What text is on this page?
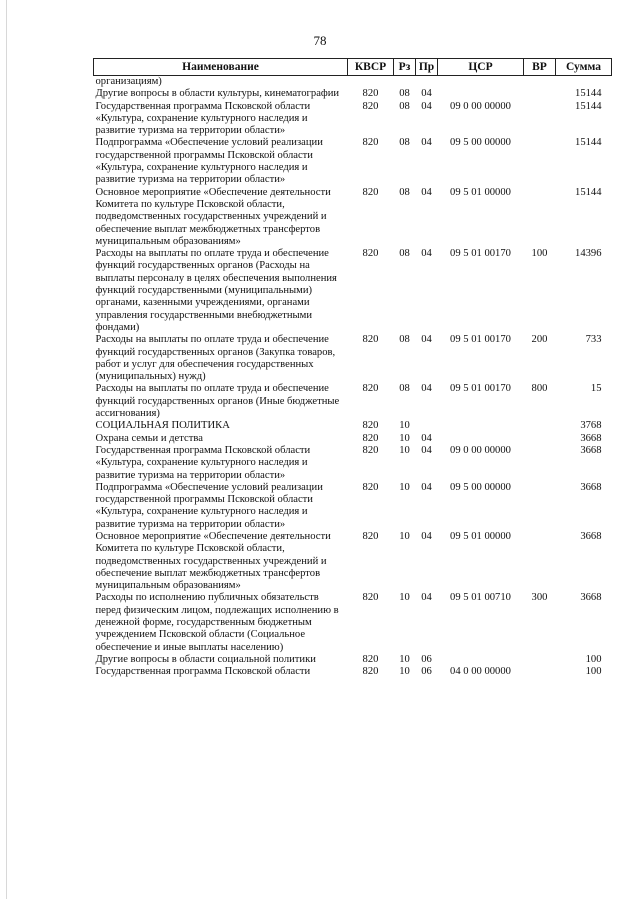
78
Наименование	КВСР	Рз	Пр	ЦСР	ВР	Сумма
организациям)						
Другие вопросы в области культуры, кинематографии	820	08	04			15144
Государственная программа Псковской области «Культура, сохранение культурного наследия и развитие туризма на территории области»	820	08	04	09 0 00 00000		15144
Подпрограмма «Обеспечение условий реализации государственной программы Псковской области «Культура, сохранение культурного наследия и развитие туризма на территории области»	820	08	04	09 5 00 00000		15144
Основное мероприятие «Обеспечение деятельности Комитета по культуре Псковской области, подведомственных государственных учреждений и обеспечение выплат межбюджетных трансфертов муниципальным образованиям»	820	08	04	09 5 01 00000		15144
Расходы на выплаты по оплате труда и обеспечение функций государственных органов (Расходы на выплаты персоналу в целях обеспечения выполнения функций государственными (муниципальными) органами, казенными учреждениями, органами управления государственными внебюджетными фондами)	820	08	04	09 5 01 00170	100	14396
Расходы на выплаты по оплате труда и обеспечение функций государственных органов (Закупка товаров, работ и услуг для обеспечения государственных (муниципальных) нужд)	820	08	04	09 5 01 00170	200	733
Расходы на выплаты по оплате труда и обеспечение функций государственных органов (Иные бюджетные ассигнования)	820	08	04	09 5 01 00170	800	15
СОЦИАЛЬНАЯ ПОЛИТИКА	820	10				3768
Охрана семьи и детства	820	10	04			3668
Государственная программа Псковской области «Культура, сохранение культурного наследия и развитие туризма на территории области»	820	10	04	09 0 00 00000		3668
Подпрограмма «Обеспечение условий реализации государственной программы Псковской области «Культура, сохранение культурного наследия и развитие туризма на территории области»	820	10	04	09 5 00 00000		3668
Основное мероприятие «Обеспечение деятельности Комитета по культуре Псковской области, подведомственных государственных учреждений и обеспечение выплат межбюджетных трансфертов муниципальным образованиям»	820	10	04	09 5 01 00000		3668
Расходы по исполнению публичных обязательств перед физическим лицом, подлежащих исполнению в денежной форме, государственным бюджетным учреждением Псковской области (Социальное обеспечение и иные выплаты населению)	820	10	04	09 5 01 00710	300	3668
Другие вопросы в области социальной политики	820	10	06			100
Государственная программа Псковской области	820	10	06	04 0 00 00000		100
